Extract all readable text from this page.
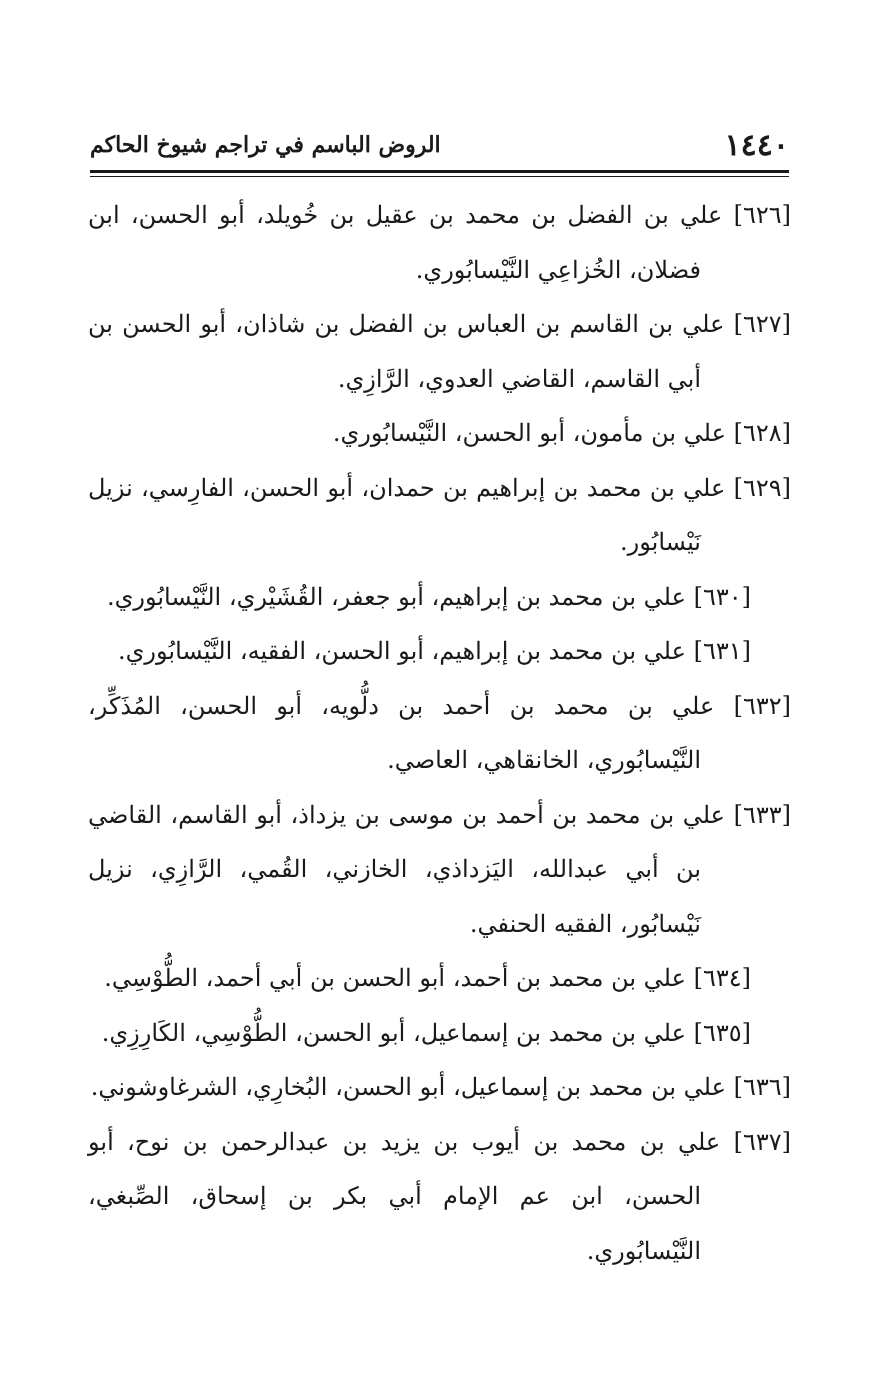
١٤٤٠
الروض الباسم في تراجم شيوخ الحاكم

[٦٢٦] علي بن الفضل بن محمد بن عقيل بن خُويلد، أبو الحسن، ابن فضلان، الخُزاعِي النَّيْسابُوري.

[٦٢٧] علي بن القاسم بن العباس بن الفضل بن شاذان، أبو الحسن بن أبي القاسم، القاضي العدوي، الرَّازِي.

[٦٢٨] علي بن مأمون، أبو الحسن، النَّيْسابُوري.

[٦٢٩] علي بن محمد بن إبراهيم بن حمدان، أبو الحسن، الفارِسي، نزيل نَيْسابُور.

[٦٣٠] علي بن محمد بن إبراهيم، أبو جعفر، القُشَيْري، النَّيْسابُوري.

[٦٣١] علي بن محمد بن إبراهيم، أبو الحسن، الفقيه، النَّيْسابُوري.

[٦٣٢] علي بن محمد بن أحمد بن دلُّويه، أبو الحسن، المُذَكِّر، النَّيْسابُوري، الخانقاهي، العاصي.

[٦٣٣] علي بن محمد بن أحمد بن موسى بن يزداذ، أبو القاسم، القاضي بن أبي عبدالله، اليَزداذي، الخازني، القُمي، الرَّازِي، نزيل نَيْسابُور، الفقيه الحنفي.

[٦٣٤] علي بن محمد بن أحمد، أبو الحسن بن أبي أحمد، الطُّوْسِي.

[٦٣٥] علي بن محمد بن إسماعيل، أبو الحسن، الطُّوْسِي، الكَارِزِي.

[٦٣٦] علي بن محمد بن إسماعيل، أبو الحسن، البُخارِي، الشرغاوشوني.

[٦٣٧] علي بن محمد بن أيوب بن يزيد بن عبدالرحمن بن نوح، أبو الحسن، ابن عم الإمام أبي بكر بن إسحاق، الصِّبغي، النَّيْسابُوري.
